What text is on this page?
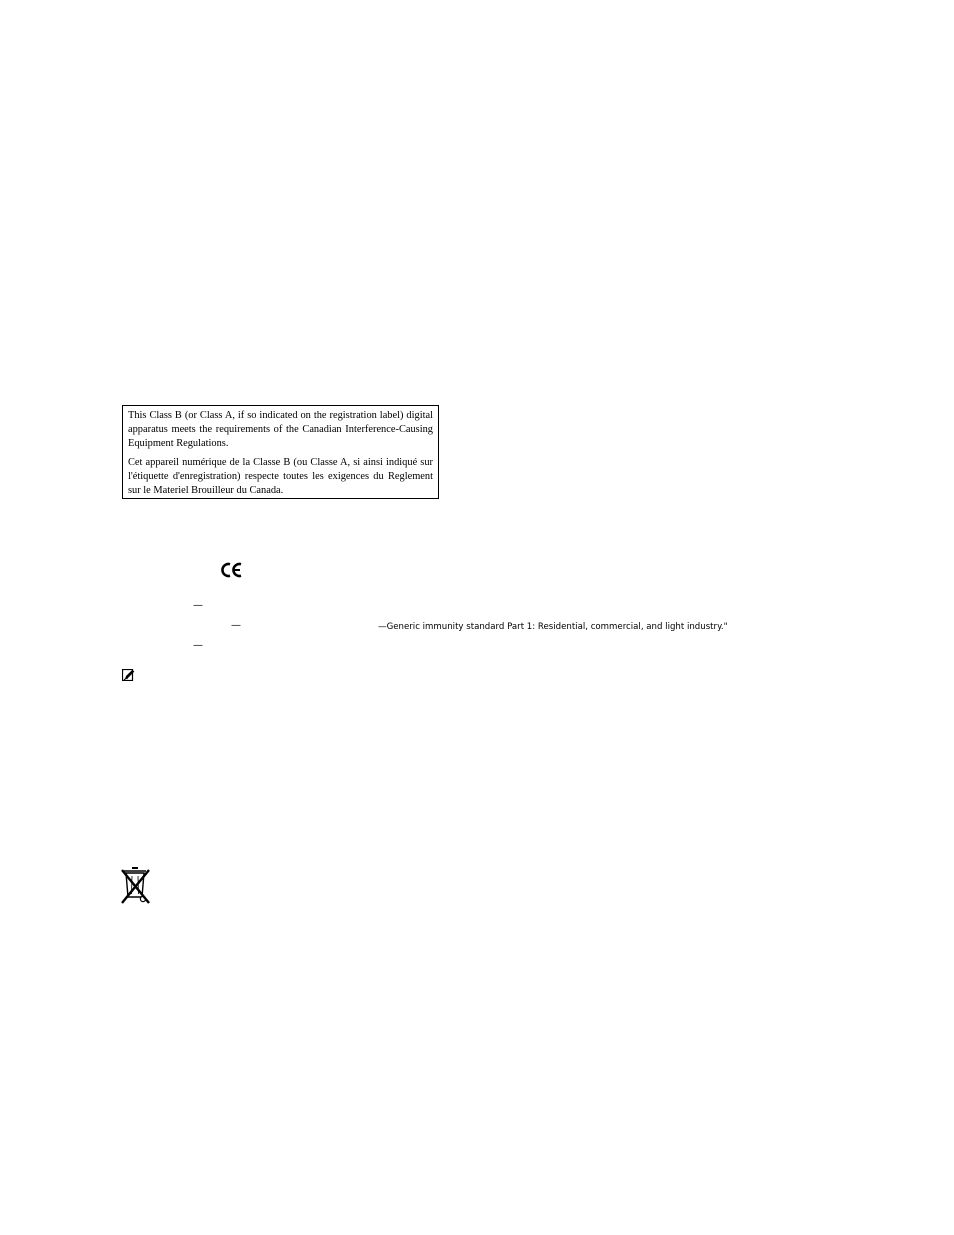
This Class B (or Class A, if so indicated on the registration label) digital apparatus meets the requirements of the Canadian Interference-Causing Equipment Regulations.

Cet appareil numérique de la Classe B (ou Classe A, si ainsi indiqué sur l'étiquette d'enregistration) respecte toutes les exigences du Reglement sur le Materiel Brouilleur du Canada.

—
—	—Generic immunity standard Part 1: Residential, commercial, and light industry."
—
